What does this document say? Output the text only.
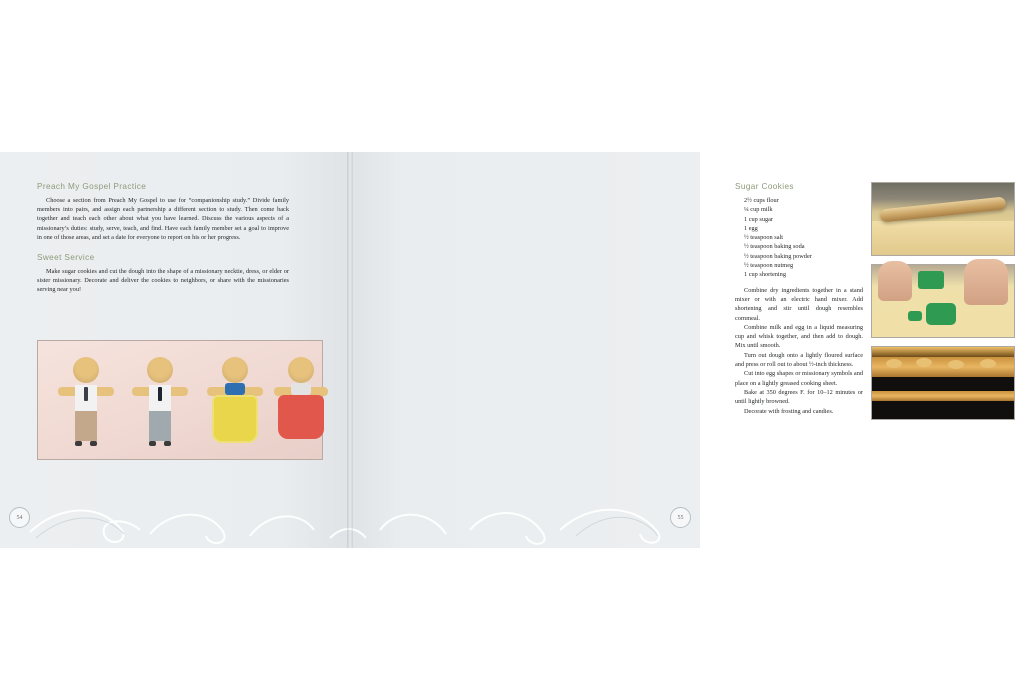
Preach My Gospel Practice

Choose a section from Preach My Gospel to use for “companionship study.” Divide family members into pairs, and assign each partnership a different section to study. Then come back together and teach each other about what you have learned. Discuss the various aspects of a missionary’s duties: study, serve, teach, and find. Have each family member set a goal to improve in one of those areas, and set a date for everyone to report on his or her progress.

Sweet Service

Make sugar cookies and cut the dough into the shape of a missionary necktie, dress, or elder or sister missionary. Decorate and deliver the cookies to neighbors, or share with the missionaries serving near you!

Sugar Cookies
2½ cups flour
¼ cup milk
1 cup sugar
1 egg
½ teaspoon salt
½ teaspoon baking soda
½ teaspoon baking powder
½ teaspoon nutmeg
1 cup shortening

Combine dry ingredients together in a stand mixer or with an electric hand mixer. Add shortening and stir until dough resembles cornmeal.

Combine milk and egg in a liquid measuring cup and whisk together, and then add to dough. Mix until smooth.

Turn out dough onto a lightly floured surface and press or roll out to about ½-inch thickness.

Cut into egg shapes or missionary symbols and place on a lightly greased cooking sheet.

Bake at 350 degrees F. for 10–12 minutes or until lightly browned.

Decorate with frosting and candies.

54	55
